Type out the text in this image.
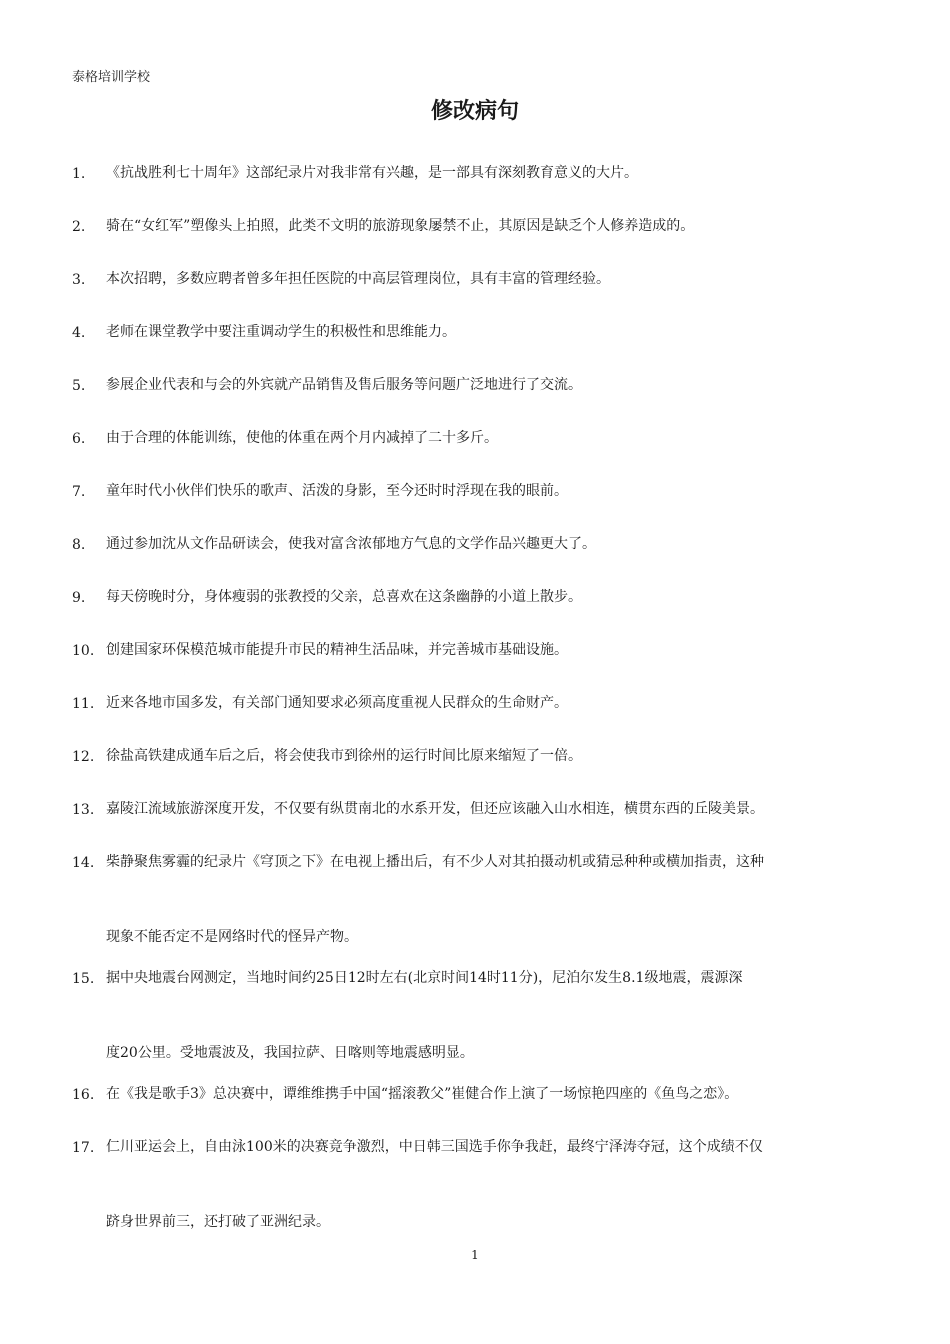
泰格培训学校
修改病句
1. 《抗战胜利七十周年》这部纪录片对我非常有兴趣，是一部具有深刻教育意义的大片。
2. 骑在“女红军”塑像头上拍照，此类不文明的旅游现象屡禁不止，其原因是缺乏个人修养造成的。
3. 本次招聘，多数应聘者曾多年担任医院的中高层管理岗位，具有丰富的管理经验。
4. 老师在课堂教学中要注重调动学生的积极性和思维能力。
5. 参展企业代表和与会的外宾就产品销售及售后服务等问题广泛地进行了交流。
6. 由于合理的体能训练，使他的体重在两个月内减掉了二十多斤。
7. 童年时代小伙伴们快乐的歌声、活泼的身影，至今还时时浮现在我的眼前。
8. 通过参加沈从文作品研读会，使我对富含浓郁地方气息的文学作品兴趣更大了。
9. 每天傍晚时分，身体瘦弱的张教授的父亲，总喜欢在这条幽静的小道上散步。
10. 创建国家环保模范城市能提升市民的精神生活品味，并完善城市基础设施。
11. 近来各地市国多发，有关部门通知要求必须高度重视人民群众的生命财产。
12. 徐盐高铁建成通车后之后，将会使我市到徐州的运行时间比原来缩短了一倍。
13. 嘉陵江流域旅游深度开发，不仅要有纵贯南北的水系开发，但还应该融入山水相连，横贯东西的丘陵美景。
14. 柴静聚焦雾霾的纪录片《穹顶之下》在电视上播出后，有不少人对其拍摄动机或猜忌种种或横加指责，这种
现象不能否定不是网络时代的怪异产物。
15. 据中央地震台网测定，当地时间约25日12时左右(北京时间14时11分)，尼泊尔发生8.1级地震，震源深
度20公里。受地震波及，我国拉萨、日喀则等地震感明显。
16. 在《我是歌手3》总决赛中，谭维维携手中国“摇滚教父”崔健合作上演了一场惊艳四座的《鱼鸟之恋》。
17. 仁川亚运会上，自由泳100米的决赛竞争激烈，中日韩三国选手你争我赶，最终宁泽涛夺冠，这个成绩不仅
跻身世界前三，还打破了亚洲纪录。
1
